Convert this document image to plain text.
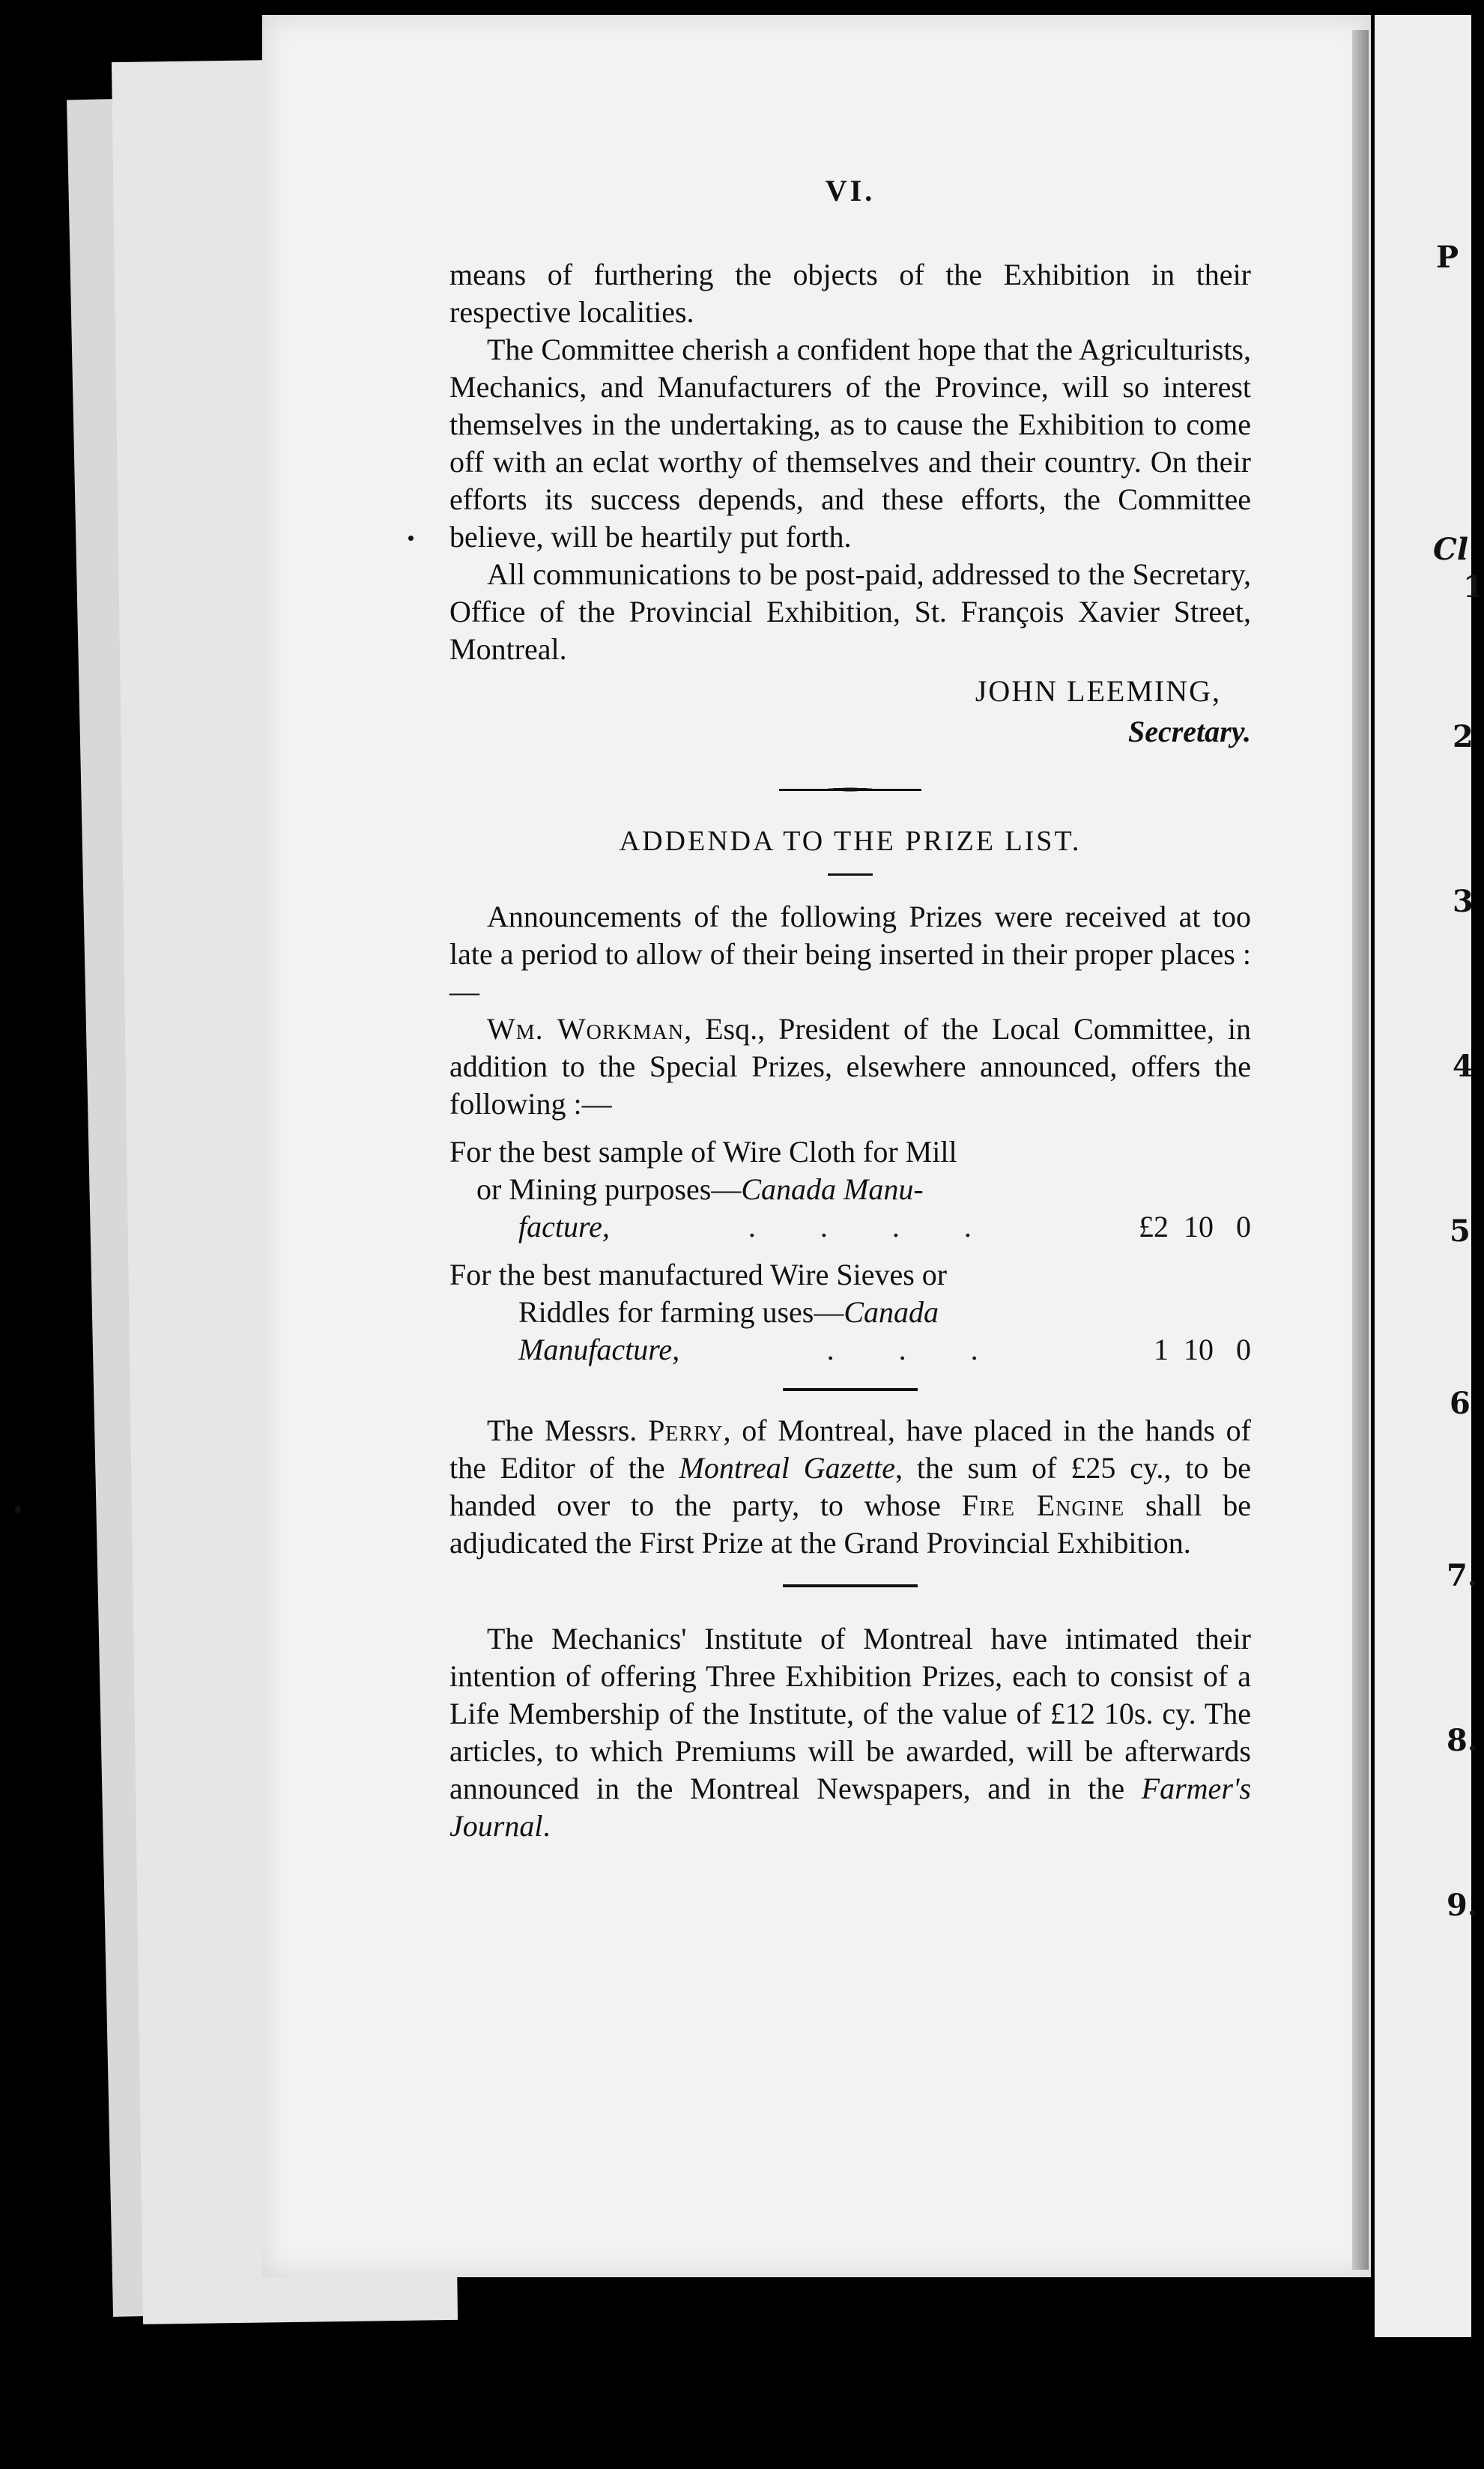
P
Cl
1
2
3
4
5
6
7.
8.
9.
VI.

means of furthering the objects of the Exhibition in their respective localities.

The Committee cherish a confident hope that the Agriculturists, Mechanics, and Manufacturers of the Province, will so interest themselves in the undertaking, as to cause the Exhibition to come off with an eclat worthy of themselves and their country. On their efforts its success depends, and these efforts, the Committee believe, will be heartily put forth.

All communications to be post-paid, addressed to the Secretary, Office of the Provincial Exhibition, St. François Xavier Street, Montreal.

JOHN LEEMING,
Secretary.
ADDENDA TO THE PRIZE LIST.

Announcements of the following Prizes were received at too late a period to allow of their being inserted in their proper places :—

Wm. Workman, Esq., President of the Local Committee, in addition to the Special Prizes, elsewhere announced, offers the following :—

For the best sample of Wire Cloth for Mill
or Mining purposes—Canada Manu-
facture,	. . . .	£2  10   0
For the best manufactured Wire Sieves or
Riddles for farming uses—Canada
Manufacture,	. . .	1  10   0

The Messrs. Perry, of Montreal, have placed in the hands of the Editor of the Montreal Gazette, the sum of £25 cy., to be handed over to the party, to whose Fire Engine shall be adjudicated the First Prize at the Grand Provincial Exhibition.

The Mechanics' Institute of Montreal have intimated their intention of offering Three Exhibition Prizes, each to consist of a Life Membership of the Institute, of the value of £12 10s. cy. The articles, to which Premiums will be awarded, will be afterwards announced in the Montreal Newspapers, and in the Farmer's Journal.
